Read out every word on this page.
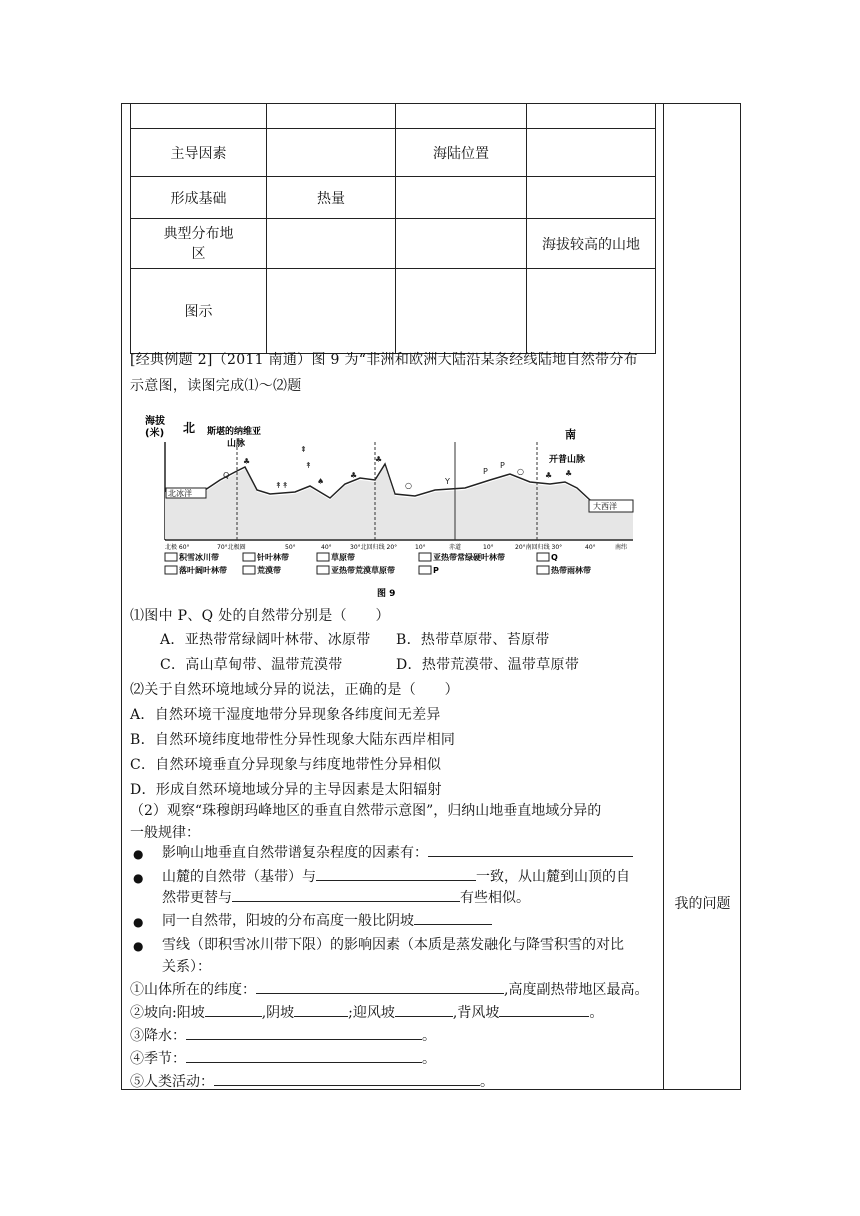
我的问题

主导因素		海陆位置	
形成基础	热量		
典型分布地区			海拔较高的山地
图示			
[经典例题 2]（2011 南通）图 9 为“非洲和欧洲大陆沿某条经线陆地自然带分布
示意图，读图完成⑴～⑵题
海拔
(米) 北 斯堪的纳维亚
山脉
南
开普山脉
北冰洋
大西洋
Q
♣
↟↟
⇞
↟
♠
♣
♣
○	Y
P
P
○	♣ ♣
北极 60°	70°北极圈	50°	40°	30°北回归线 20°	10°	赤道	10°	20°南回归线 30°	40°	南纬
积雪冰川带	针叶林带	草原带	亚热带常绿硬叶林带	Q
落叶阔叶林带	荒漠带	亚热带荒漠草原带	P	热带雨林带
图 9
⑴图中 P、Q 处的自然带分别是（　　）
A．亚热带常绿阔叶林带、冰原带 B．热带草原带、苔原带
C．高山草甸带、温带荒漠带	D．热带荒漠带、温带草原带
⑵关于自然环境地域分异的说法，正确的是（　　）
A．自然环境干湿度地带分异现象各纬度间无差异
B．自然环境纬度地带性分异性现象大陆东西岸相同
C．自然环境垂直分异现象与纬度地带性分异相似
D．形成自然环境地域分异的主导因素是太阳辐射
（2）观察“珠穆朗玛峰地区的垂直自然带示意图”，归纳山地垂直地域分异的
一般规律：
● 影响山地垂直自然带谱复杂程度的因素有：
● 山麓的自然带（基带）与	一致，从山麓到山顶的自
然带更替与	有些相似。
● 同一自然带，阳坡的分布高度一般比阴坡
● 雪线（即积雪冰川带下限）的影响因素（本质是蒸发融化与降雪积雪的对比
关系）：
①山体所在的纬度：	,高度副热带地区最高。
②坡向:阳坡	,阴坡	;迎风坡	,背风坡	。
③降水：	。
④季节：	。
⑤人类活动：	。
